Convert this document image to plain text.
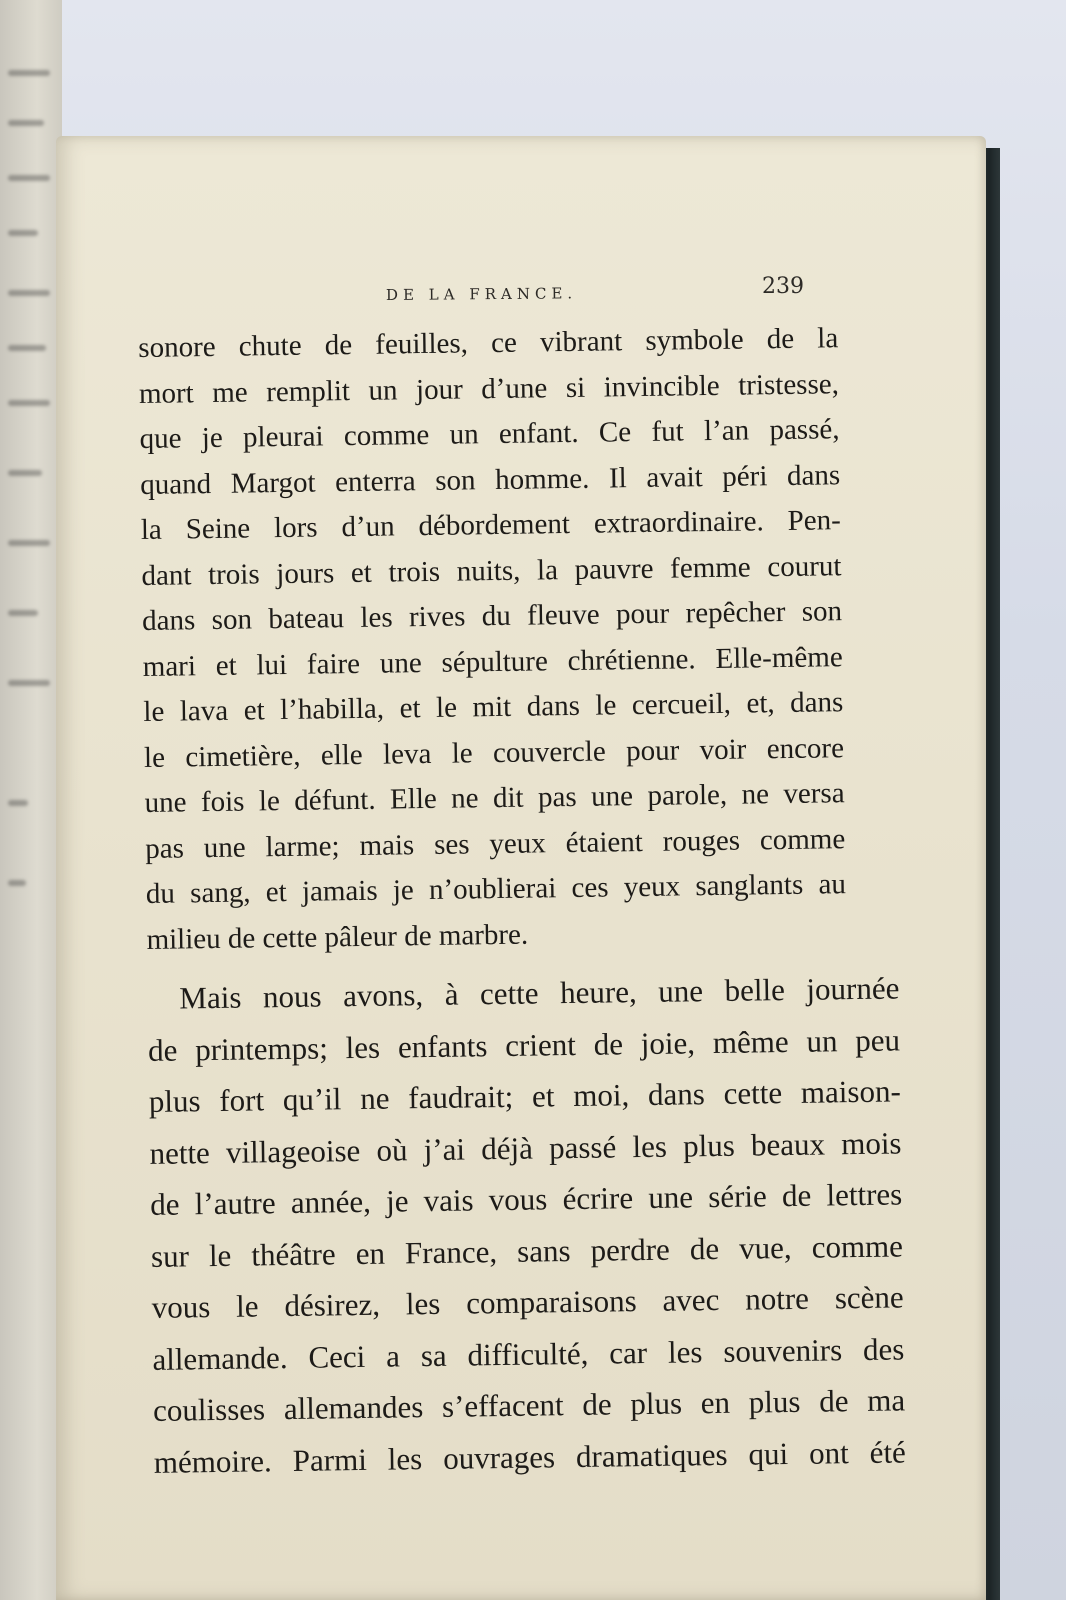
DE LA FRANCE.	239
sonore chute de feuilles, ce vibrant symbole de la
mort me remplit un jour d’une si invincible tristesse,
que je pleurai comme un enfant. Ce fut l’an passé,
quand Margot enterra son homme. Il avait péri dans
la Seine lors d’un débordement extraordinaire. Pen-
dant trois jours et trois nuits, la pauvre femme courut
dans son bateau les rives du fleuve pour repêcher son
mari et lui faire une sépulture chrétienne. Elle-même
le lava et l’habilla, et le mit dans le cercueil, et, dans
le cimetière, elle leva le couvercle pour voir encore
une fois le défunt. Elle ne dit pas une parole, ne versa
pas une larme; mais ses yeux étaient rouges comme
du sang, et jamais je n’oublierai ces yeux sanglants au
milieu de cette pâleur de marbre.
Mais nous avons, à cette heure, une belle journée
de printemps; les enfants crient de joie, même un peu
plus fort qu’il ne faudrait; et moi, dans cette maison-
nette villageoise où j’ai déjà passé les plus beaux mois
de l’autre année, je vais vous écrire une série de lettres
sur le théâtre en France, sans perdre de vue, comme
vous le désirez, les comparaisons avec notre scène
allemande. Ceci a sa difficulté, car les souvenirs des
coulisses allemandes s’effacent de plus en plus de ma
mémoire. Parmi les ouvrages dramatiques qui ont été
